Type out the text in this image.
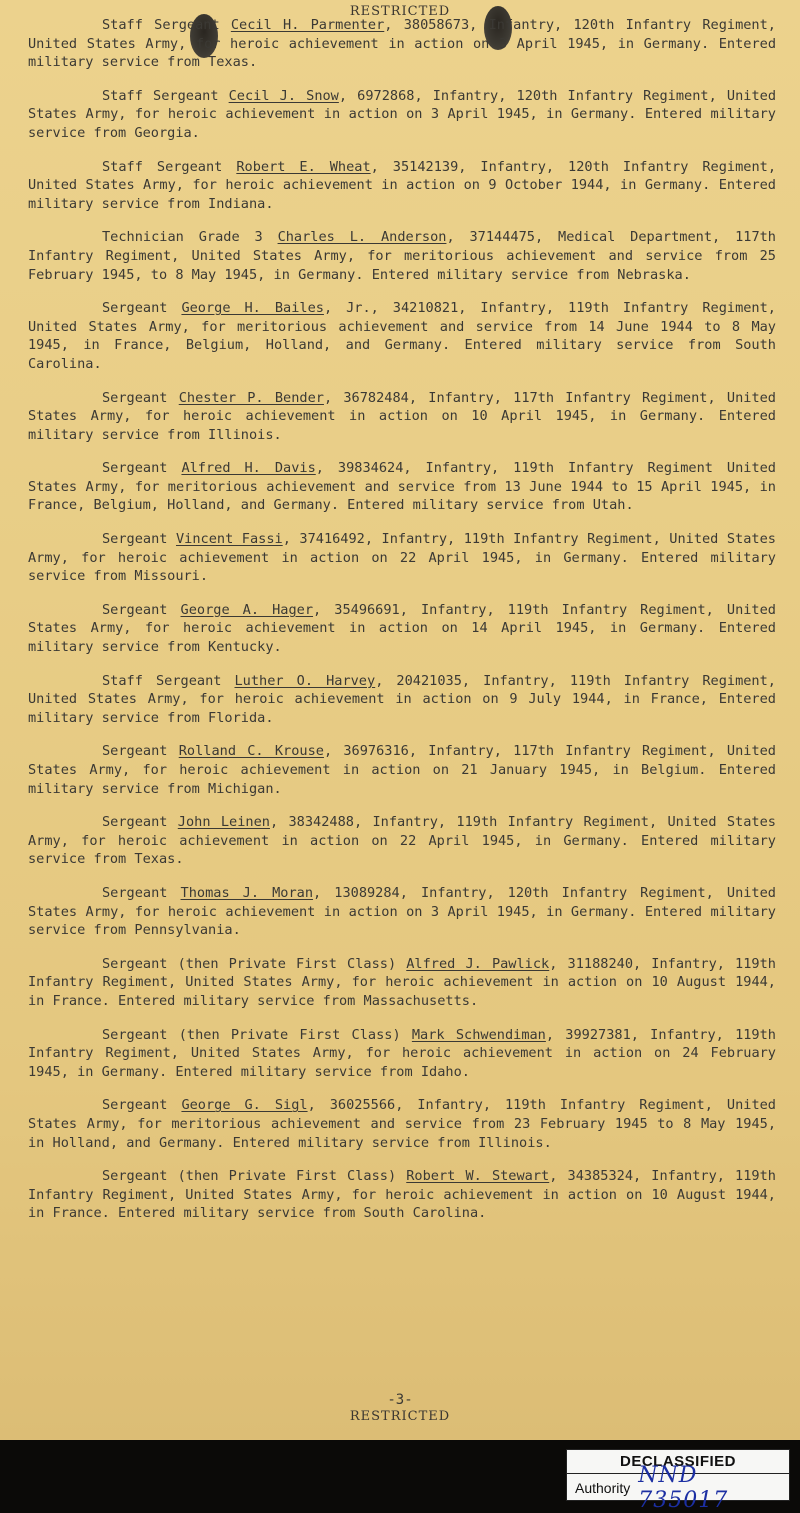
RESTRICTED

Staff Sergeant Cecil H. Parmenter, 38058673, Infantry, 120th Infantry Regiment, United States Army, for heroic achievement in action on 3 April 1945, in Germany. Entered military service from Texas.

Staff Sergeant Cecil J. Snow, 6972868, Infantry, 120th Infantry Regiment, United States Army, for heroic achievement in action on 3 April 1945, in Germany. Entered military service from Georgia.

Staff Sergeant Robert E. Wheat, 35142139, Infantry, 120th Infantry Regiment, United States Army, for heroic achievement in action on 9 October 1944, in Germany. Entered military service from Indiana.

Technician Grade 3 Charles L. Anderson, 37144475, Medical Department, 117th Infantry Regiment, United States Army, for meritorious achievement and service from 25 February 1945, to 8 May 1945, in Germany. Entered military service from Nebraska.

Sergeant George H. Bailes, Jr., 34210821, Infantry, 119th Infantry Regiment, United States Army, for meritorious achievement and service from 14 June 1944 to 8 May 1945, in France, Belgium, Holland, and Germany. Entered military service from South Carolina.

Sergeant Chester P. Bender, 36782484, Infantry, 117th Infantry Regiment, United States Army, for heroic achievement in action on 10 April 1945, in Germany. Entered military service from Illinois.

Sergeant Alfred H. Davis, 39834624, Infantry, 119th Infantry Regiment United States Army, for meritorious achievement and service from 13 June 1944 to 15 April 1945, in France, Belgium, Holland, and Germany. Entered military service from Utah.

Sergeant Vincent Fassi, 37416492, Infantry, 119th Infantry Regiment, United States Army, for heroic achievement in action on 22 April 1945, in Germany. Entered military service from Missouri.

Sergeant George A. Hager, 35496691, Infantry, 119th Infantry Regiment, United States Army, for heroic achievement in action on 14 April 1945, in Germany. Entered military service from Kentucky.

Staff Sergeant Luther O. Harvey, 20421035, Infantry, 119th Infantry Regiment, United States Army, for heroic achievement in action on 9 July 1944, in France, Entered military service from Florida.

Sergeant Rolland C. Krouse, 36976316, Infantry, 117th Infantry Regiment, United States Army, for heroic achievement in action on 21 January 1945, in Belgium. Entered military service from Michigan.

Sergeant John Leinen, 38342488, Infantry, 119th Infantry Regiment, United States Army, for heroic achievement in action on 22 April 1945, in Germany. Entered military service from Texas.

Sergeant Thomas J. Moran, 13089284, Infantry, 120th Infantry Regiment, United States Army, for heroic achievement in action on 3 April 1945, in Germany. Entered military service from Pennsylvania.

Sergeant (then Private First Class) Alfred J. Pawlick, 31188240, Infantry, 119th Infantry Regiment, United States Army, for heroic achievement in action on 10 August 1944, in France. Entered military service from Massachusetts.

Sergeant (then Private First Class) Mark Schwendiman, 39927381, Infantry, 119th Infantry Regiment, United States Army, for heroic achievement in action on 24 February 1945, in Germany. Entered military service from Idaho.

Sergeant George G. Sigl, 36025566, Infantry, 119th Infantry Regiment, United States Army, for meritorious achievement and service from 23 February 1945 to 8 May 1945, in Holland, and Germany. Entered military service from Illinois.

Sergeant (then Private First Class) Robert W. Stewart, 34385324, Infantry, 119th Infantry Regiment, United States Army, for heroic achievement in action on 10 August 1944, in France. Entered military service from South Carolina.

-3-
RESTRICTED
DECLASSIFIED
Authority NND 735017
